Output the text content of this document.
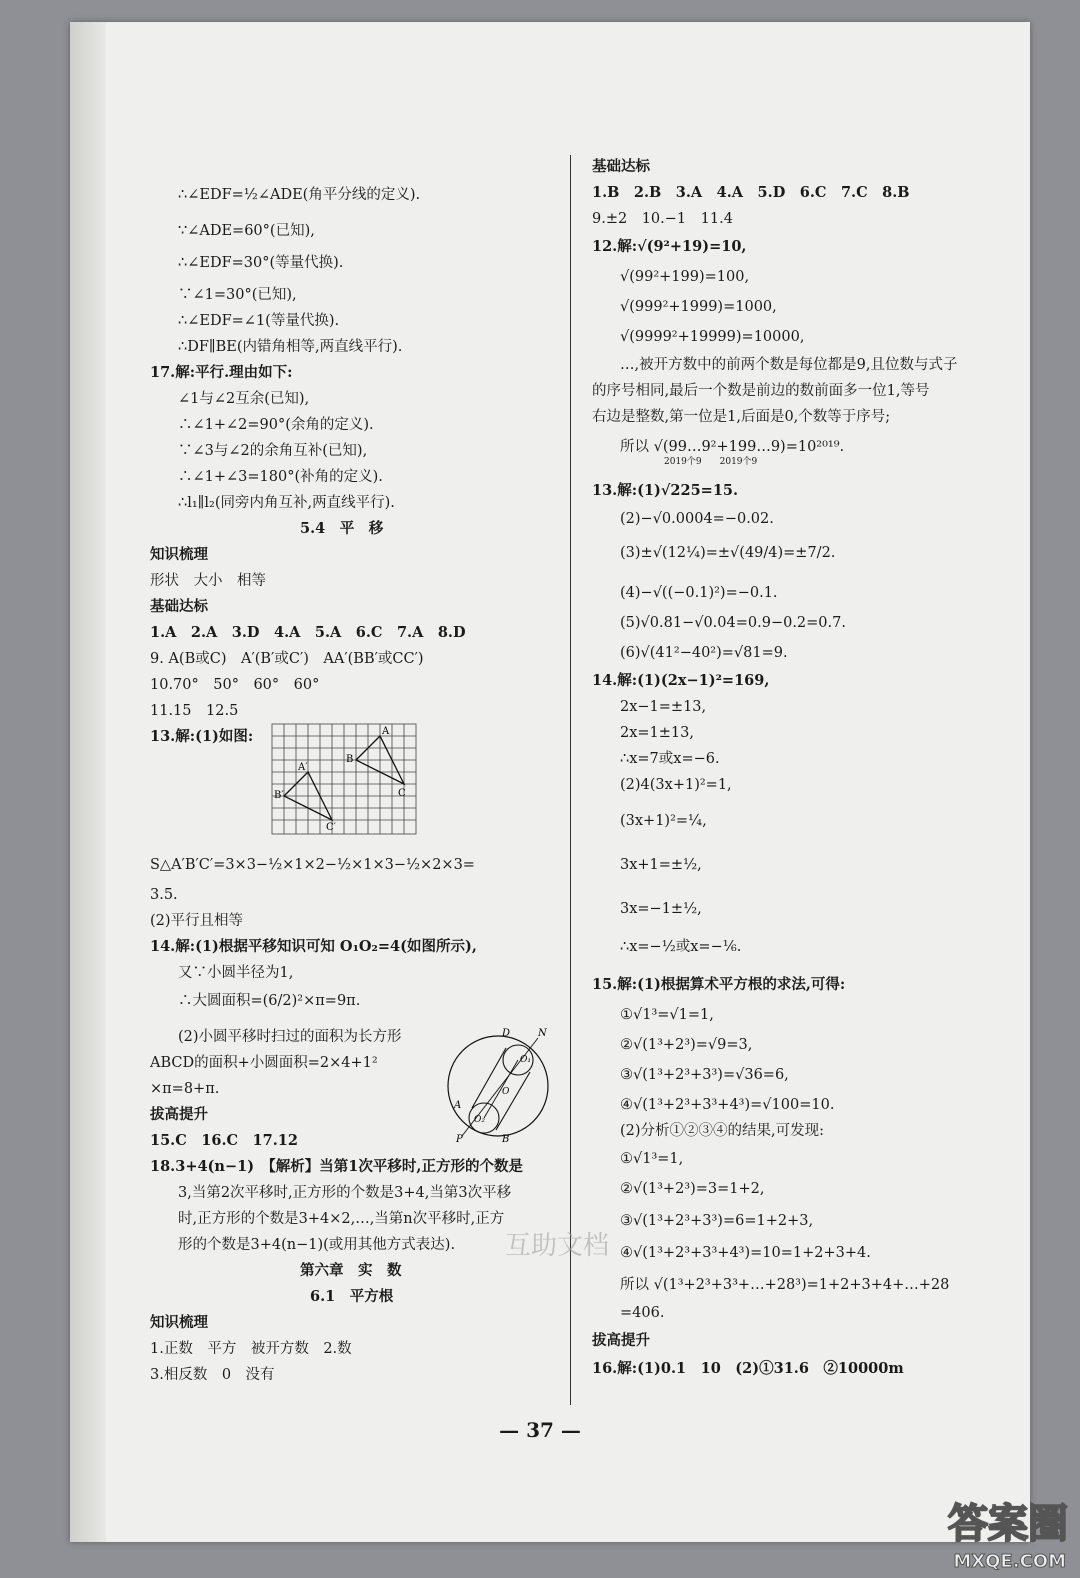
∴∠EDF=½∠ADE(角平分线的定义).
∵∠ADE=60°(已知),
∴∠EDF=30°(等量代换).
∵∠1=30°(已知),
∴∠EDF=∠1(等量代换).
∴DF∥BE(内错角相等,两直线平行).
17.解:平行.理由如下:
∠1与∠2互余(已知),
∴∠1+∠2=90°(余角的定义).
∵∠3与∠2的余角互补(已知),
∴∠1+∠3=180°(补角的定义).
∴l₁∥l₂(同旁内角互补,两直线平行).
5.4　平　移
知识梳理
形状　大小　相等
基础达标
1.A　2.A　3.D　4.A　5.A　6.C　7.A　8.D
9. A(B或C)　A′(B′或C′)　AA′(BB′或CC′)
10.70°　50°　60°　60°
11.15　12.5
13.解:(1)如图:	A
B
C
A′
B′
C′
S△A′B′C′=3×3−½×1×2−½×1×3−½×2×3=
3.5.
(2)平行且相等
14.解:(1)根据平移知识可知 O₁O₂=4(如图所示),
又∵小圆半径为1,
∴大圆面积=(6/2)²×π=9π.
(2)小圆平移时扫过的面积为长方形
ABCD的面积+小圆面积=2×4+1²
×π=8+π.
D	N
O₁
A
O
O₂
B
P
拔高提升
15.C　16.C　17.12
18.3+4(n−1)　【解析】当第1次平移时,正方形的个数是
3,当第2次平移时,正方形的个数是3+4,当第3次平移
时,正方形的个数是3+4×2,…,当第n次平移时,正方
形的个数是3+4(n−1)(或用其他方式表达).
第六章　实　数
6.1　平方根
知识梳理
1.正数　平方　被开方数　2.数
3.相反数　0　没有
基础达标
1.B　2.B　3.A　4.A　5.D　6.C　7.C　8.B
9.±2　10.−1　11.4
12.解:√(9²+19)=10,
√(99²+199)=100,
√(999²+1999)=1000,
√(9999²+19999)=10000,
…,被开方数中的前两个数是每位都是9,且位数与式子
的序号相同,最后一个数是前边的数前面多一位1,等号
右边是整数,第一位是1,后面是0,个数等于序号;
所以 √(99…9²+199…9)=10²⁰¹⁹.
2019个9　　2019个9
13.解:(1)√225=15.
(2)−√0.0004=−0.02.
(3)±√(12¼)=±√(49/4)=±7/2.
(4)−√((−0.1)²)=−0.1.
(5)√0.81−√0.04=0.9−0.2=0.7.
(6)√(41²−40²)=√81=9.
14.解:(1)(2x−1)²=169,
2x−1=±13,
2x=1±13,
∴x=7或x=−6.
(2)4(3x+1)²=1,
(3x+1)²=¼,
3x+1=±½,
3x=−1±½,
∴x=−½或x=−⅙.
15.解:(1)根据算术平方根的求法,可得:
①√1³=√1=1,
②√(1³+2³)=√9=3,
③√(1³+2³+3³)=√36=6,
④√(1³+2³+3³+4³)=√100=10.
(2)分析①②③④的结果,可发现:
①√1³=1,
②√(1³+2³)=3=1+2,
③√(1³+2³+3³)=6=1+2+3,
④√(1³+2³+3³+4³)=10=1+2+3+4.
所以 √(1³+2³+3³+…+28³)=1+2+3+4+…+28
=406.
拔高提升
16.解:(1)0.1　10　(2)①31.6　②10000m
— 37 —
互助文档
答案圈
MXQE.COM
